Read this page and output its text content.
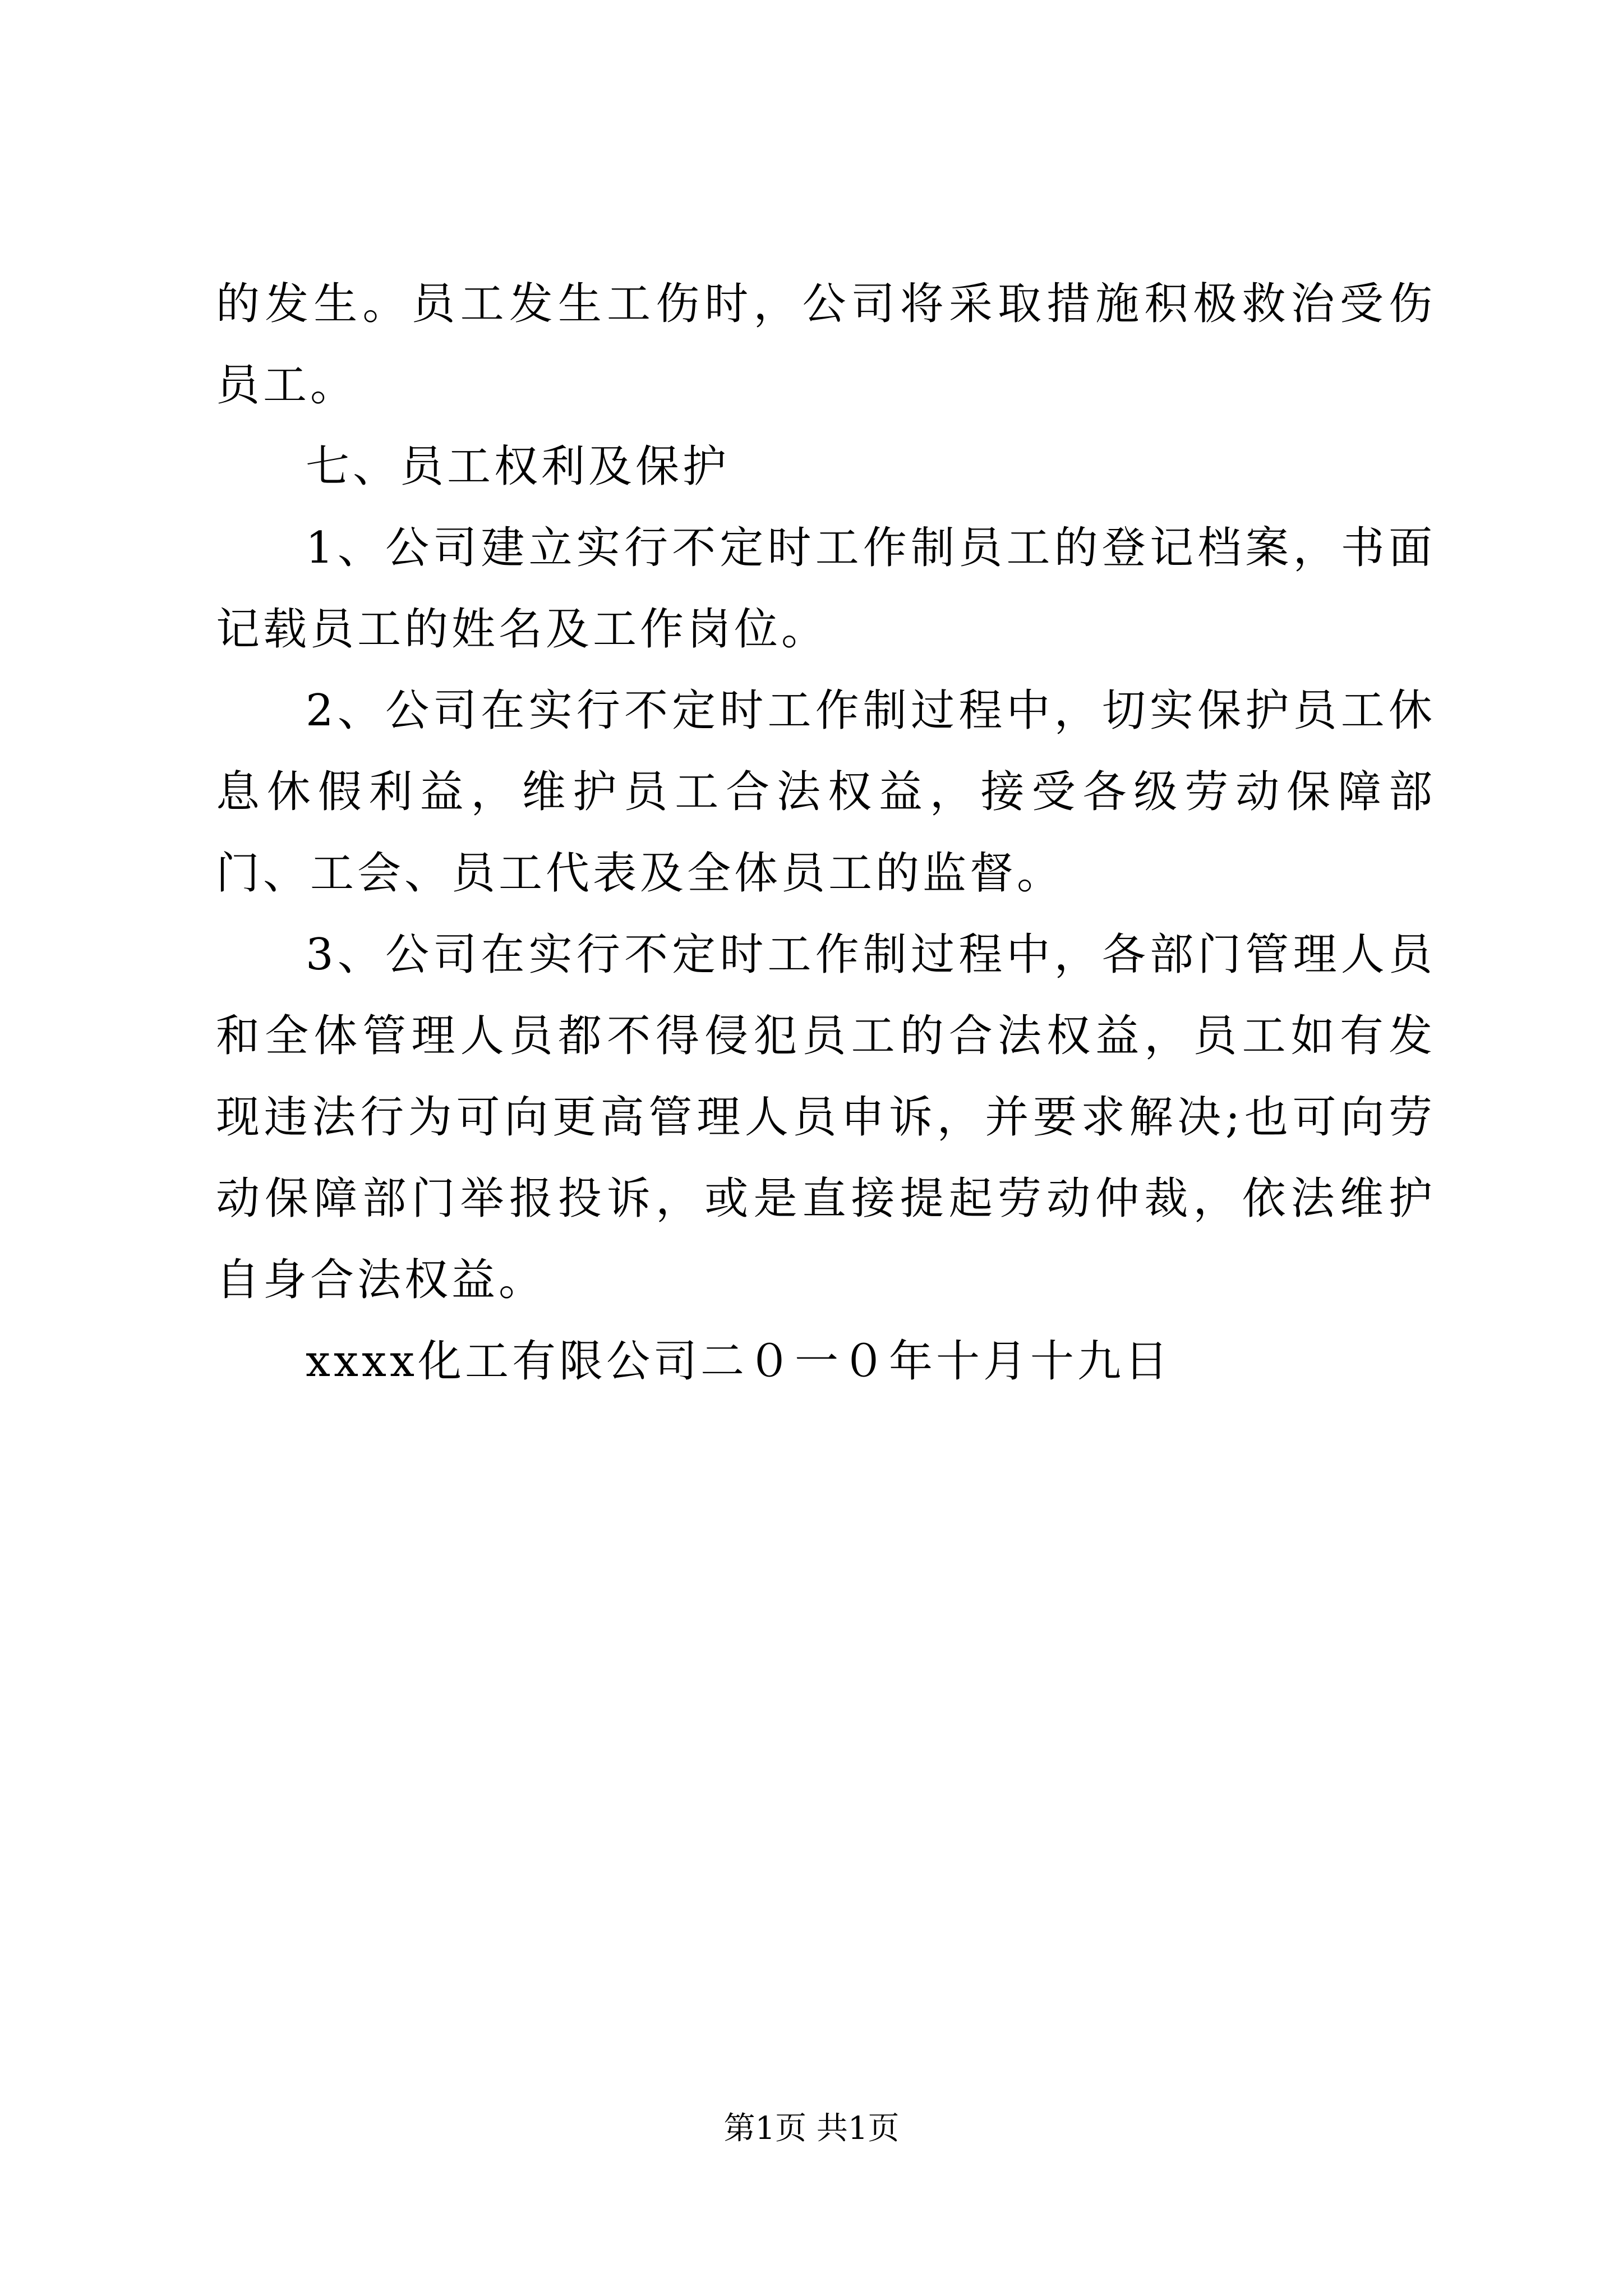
的发生。员工发生工伤时，公司将采取措施积极救治受伤员工。

七、员工权利及保护

1、公司建立实行不定时工作制员工的登记档案，书面记载员工的姓名及工作岗位。

2、公司在实行不定时工作制过程中，切实保护员工休息休假利益，维护员工合法权益，接受各级劳动保障部门、工会、员工代表及全体员工的监督。

3、公司在实行不定时工作制过程中，各部门管理人员和全体管理人员都不得侵犯员工的合法权益，员工如有发现违法行为可向更高管理人员申诉，并要求解决;也可向劳动保障部门举报投诉，或是直接提起劳动仲裁，依法维护自身合法权益。

xxxx化工有限公司二０一０年十月十九日

第1页 共1页
